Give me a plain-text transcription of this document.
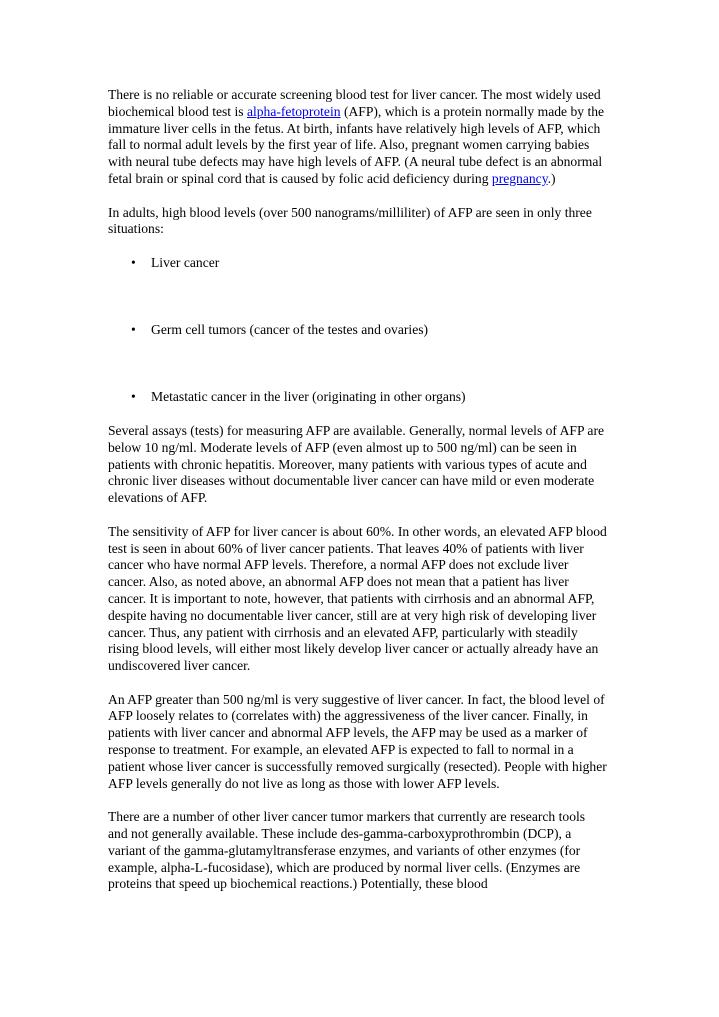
There is no reliable or accurate screening blood test for liver cancer. The most widely used biochemical blood test is alpha-fetoprotein (AFP), which is a protein normally made by the immature liver cells in the fetus. At birth, infants have relatively high levels of AFP, which fall to normal adult levels by the first year of life. Also, pregnant women carrying babies with neural tube defects may have high levels of AFP. (A neural tube defect is an abnormal fetal brain or spinal cord that is caused by folic acid deficiency during pregnancy.)

In adults, high blood levels (over 500 nanograms/milliliter) of AFP are seen in only three situations:

• Liver cancer
• Germ cell tumors (cancer of the testes and ovaries)
• Metastatic cancer in the liver (originating in other organs)

Several assays (tests) for measuring AFP are available. Generally, normal levels of AFP are below 10 ng/ml. Moderate levels of AFP (even almost up to 500 ng/ml) can be seen in patients with chronic hepatitis. Moreover, many patients with various types of acute and chronic liver diseases without documentable liver cancer can have mild or even moderate elevations of AFP.

The sensitivity of AFP for liver cancer is about 60%. In other words, an elevated AFP blood test is seen in about 60% of liver cancer patients. That leaves 40% of patients with liver cancer who have normal AFP levels. Therefore, a normal AFP does not exclude liver cancer. Also, as noted above, an abnormal AFP does not mean that a patient has liver cancer. It is important to note, however, that patients with cirrhosis and an abnormal AFP, despite having no documentable liver cancer, still are at very high risk of developing liver cancer. Thus, any patient with cirrhosis and an elevated AFP, particularly with steadily rising blood levels, will either most likely develop liver cancer or actually already have an undiscovered liver cancer.

An AFP greater than 500 ng/ml is very suggestive of liver cancer. In fact, the blood level of AFP loosely relates to (correlates with) the aggressiveness of the liver cancer. Finally, in patients with liver cancer and abnormal AFP levels, the AFP may be used as a marker of response to treatment. For example, an elevated AFP is expected to fall to normal in a patient whose liver cancer is successfully removed surgically (resected). People with higher AFP levels generally do not live as long as those with lower AFP levels.

There are a number of other liver cancer tumor markers that currently are research tools and not generally available. These include des-gamma-carboxyprothrombin (DCP), a variant of the gamma-glutamyltransferase enzymes, and variants of other enzymes (for example, alpha-L-fucosidase), which are produced by normal liver cells. (Enzymes are proteins that speed up biochemical reactions.) Potentially, these blood
